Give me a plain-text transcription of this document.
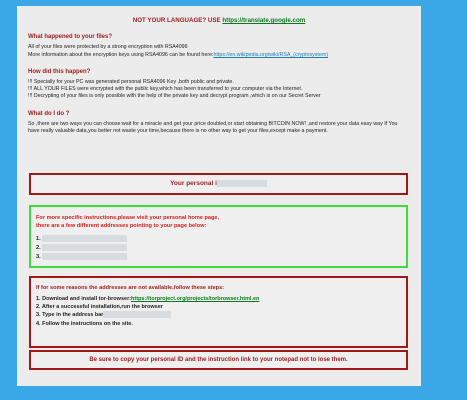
NOT YOUR LANGUAGE? USE https://translate.google.com
What happened to your files?

All of your files were protected by a strong encryption with RSA4096

More information about the encryption keys using RSA4096 can be found here:https://en.wikipedia.org/wiki/RSA_(cryptosystem)

How did this happen?

!!! Specially for your PC was generated personal RSA4096 Key ,both public and private.

!!! ALL YOUR FILES were encrypted with the public key,which has been transferred to your computer via the Internet.

!!! Decrypting of your files is only possible with the help of the private key and decrypt program ,which is on our Secret Server

What do I do ?

So ,there are two ways you can choose:wait for a miracle and get your price doubled,or start obtaining BITCOIN NOW! ,and restore your data easy way If You have really valuable data,you better not waste your time,because there is no other way to get your files,except make a payment.

Your personal i
For more specific instructions,please visit your personal home page,
there are a few different addresses pointing to your page below:
1.
2.
3.
If for some reasons the addresses are not available,follow these steps:
1. Download and install tor-browser:https://torproject.org/projects/torbrowser.html.en
2. After a successful installation,run the browser
3. Type in the address bar
4. Follow the instructions on the site.
Be sure to copy your personal ID and the instruction link to your notepad not to lose them.
